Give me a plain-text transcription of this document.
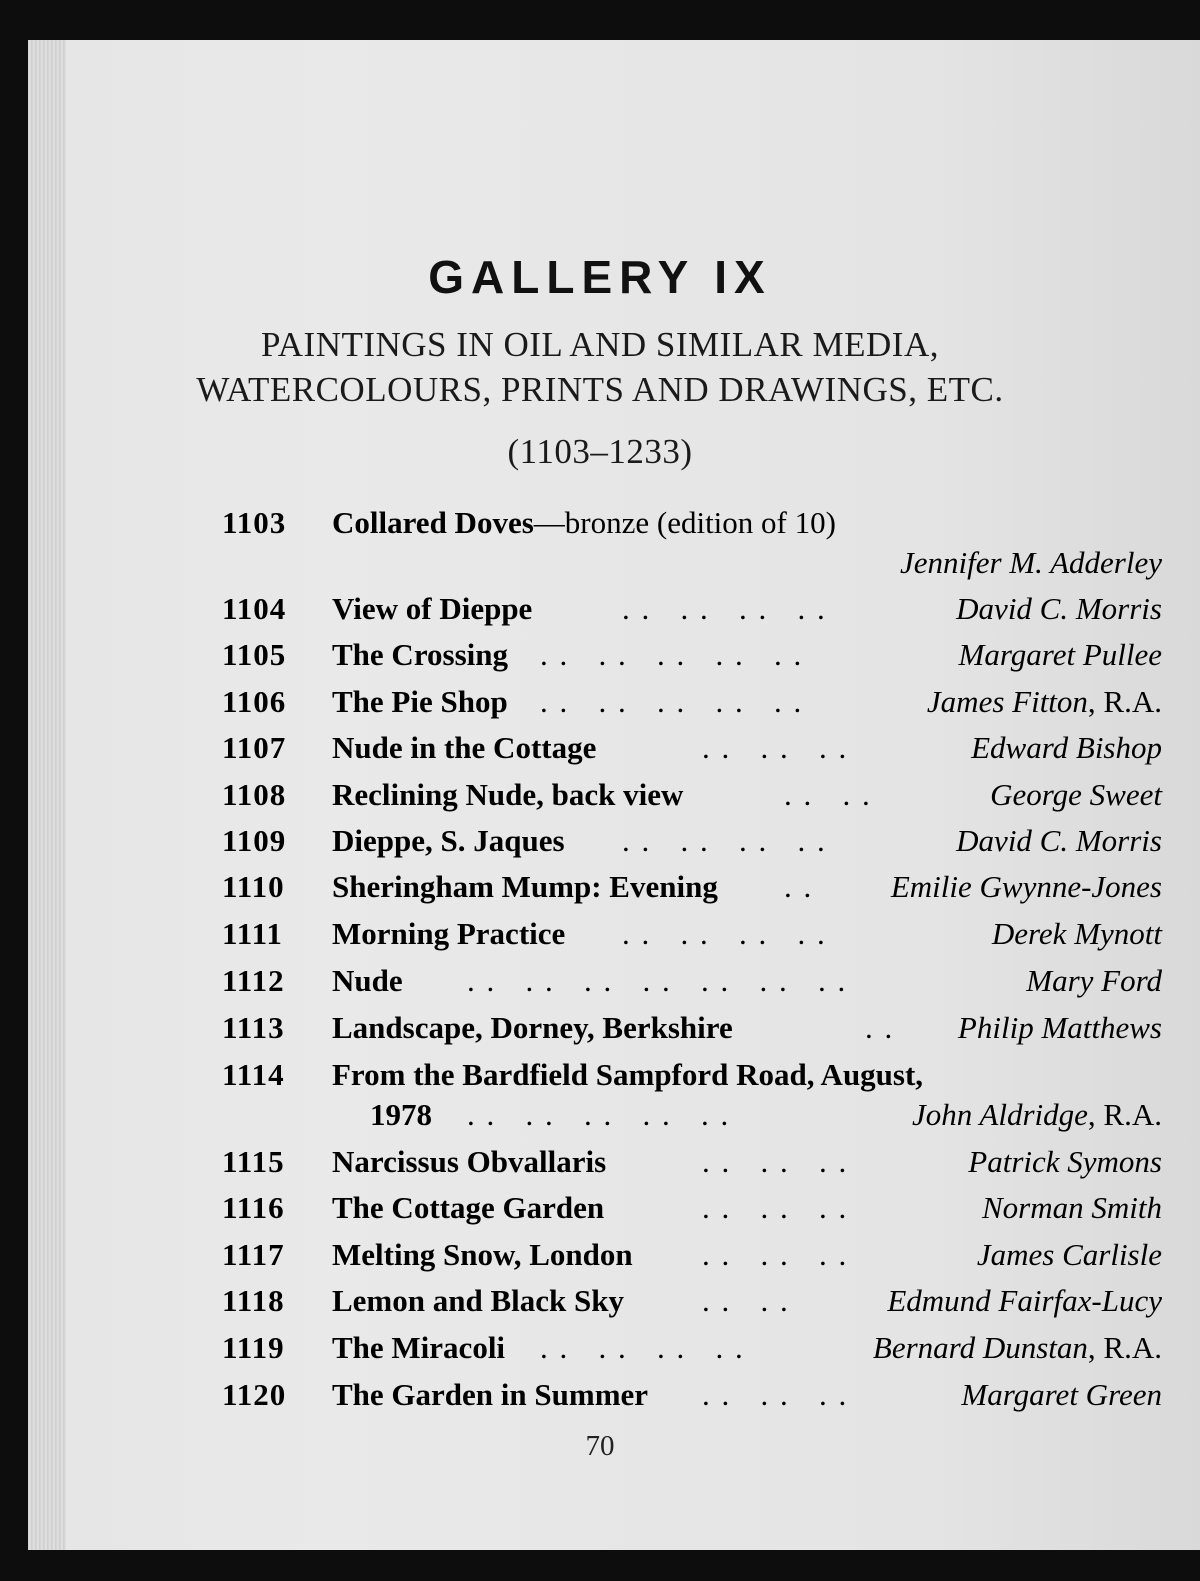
GALLERY IX
PAINTINGS IN OIL AND SIMILAR MEDIA,
WATERCOLOURS, PRINTS AND DRAWINGS, ETC.
(1103–1233)
1103 Collared Doves—bronze (edition of 10)
Jennifer M. Adderley
1104 View of Dieppe	. .   . .   . .   . .	David C. Morris
1105 The Crossing . .   . .   . .   . .   . .	Margaret Pullee
1106 The Pie Shop . .   . .   . .   . .   . .	James Fitton, R.A.
1107 Nude in the Cottage	. .   . .   . .	Edward Bishop
1108 Reclining Nude, back view	. .   . .	George Sweet
1109 Dieppe, S. Jaques . .   . .   . .   . .	David C. Morris
1110 Sheringham Mump: Evening . .	Emilie Gwynne-Jones
1111 Morning Practice . .   . .   . .   . .	Derek Mynott
1112 Nude . .   . .   . .   . .   . .   . .   . .	Mary Ford
1113 Landscape, Dorney, Berkshire	. . Philip Matthews
1114 From the Bardfield Sampford Road, August,
1978 . .   . .   . .   . .   . .	John Aldridge, R.A.
1115 Narcissus Obvallaris	. .   . .   . .	Patrick Symons
1116 The Cottage Garden	. .   . .   . .	Norman Smith
1117 Melting Snow, London . .   . .   . .	James Carlisle
1118 Lemon and Black Sky	. .   . .	Edmund Fairfax-Lucy
1119 The Miracoli . .   . .   . .   . .	Bernard Dunstan, R.A.
1120 The Garden in Summer . .   . .   . .	Margaret Green
70
